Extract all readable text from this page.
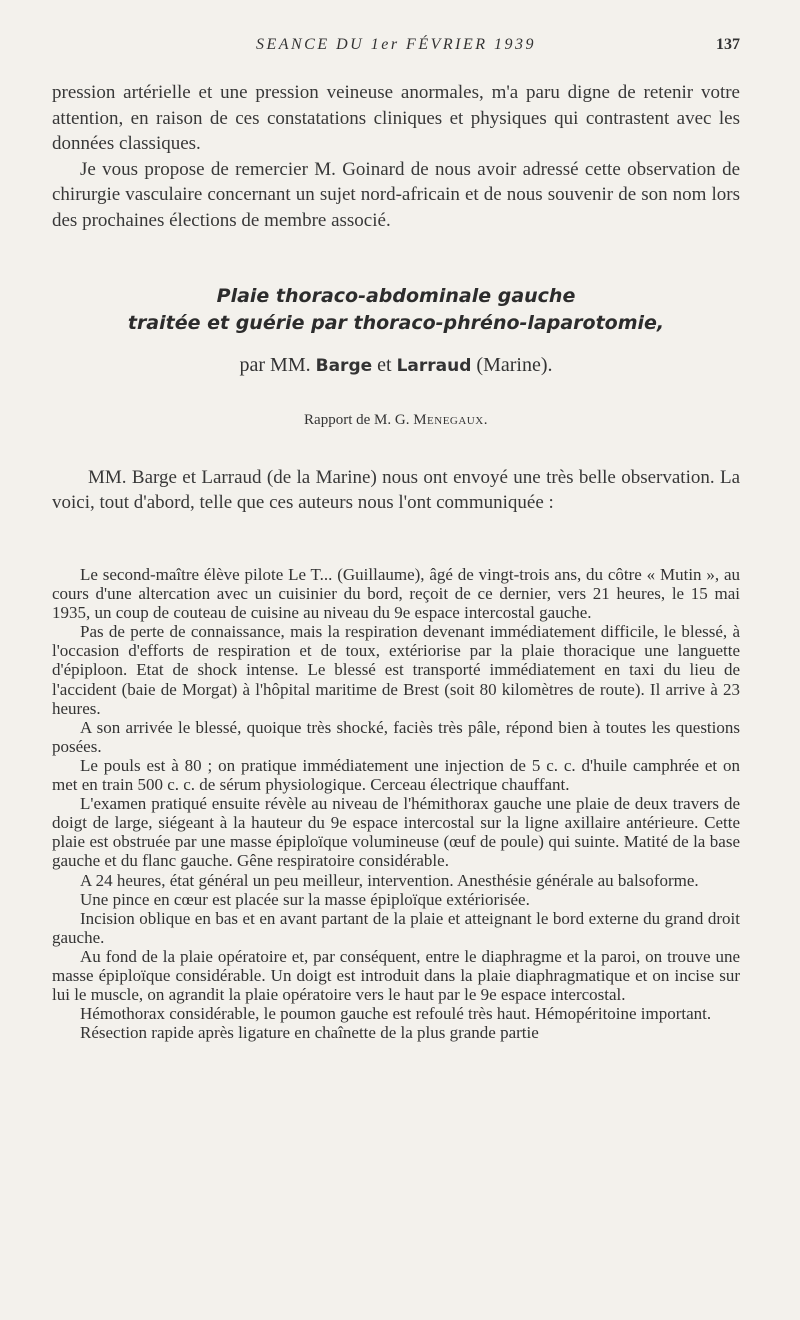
SEANCE DU 1er FÉVRIER 1939	137

pression artérielle et une pression veineuse anormales, m'a paru digne de retenir votre attention, en raison de ces constatations cliniques et physiques qui contrastent avec les données classiques.

Je vous propose de remercier M. Goinard de nous avoir adressé cette observation de chirurgie vasculaire concernant un sujet nord-africain et de nous souvenir de son nom lors des prochaines élections de membre associé.

Plaie thoraco-abdominale gauche
traitée et guérie par thoraco-phréno-laparotomie,
par MM. Barge et Larraud (Marine).
Rapport de M. G. Menegaux.

MM. Barge et Larraud (de la Marine) nous ont envoyé une très belle observation. La voici, tout d'abord, telle que ces auteurs nous l'ont communiquée :

Le second-maître élève pilote Le T... (Guillaume), âgé de vingt-trois ans, du côtre « Mutin », au cours d'une altercation avec un cuisinier du bord, reçoit de ce dernier, vers 21 heures, le 15 mai 1935, un coup de couteau de cuisine au niveau du 9e espace intercostal gauche.

Pas de perte de connaissance, mais la respiration devenant immédiatement difficile, le blessé, à l'occasion d'efforts de respiration et de toux, extériorise par la plaie thoracique une languette d'épiploon. Etat de shock intense. Le blessé est transporté immédiatement en taxi du lieu de l'accident (baie de Morgat) à l'hôpital maritime de Brest (soit 80 kilomètres de route). Il arrive à 23 heures.

A son arrivée le blessé, quoique très shocké, faciès très pâle, répond bien à toutes les questions posées.

Le pouls est à 80 ; on pratique immédiatement une injection de 5 c. c. d'huile camphrée et on met en train 500 c. c. de sérum physiologique. Cerceau électrique chauffant.

L'examen pratiqué ensuite révèle au niveau de l'hémithorax gauche une plaie de deux travers de doigt de large, siégeant à la hauteur du 9e espace intercostal sur la ligne axillaire antérieure. Cette plaie est obstruée par une masse épiploïque volumineuse (œuf de poule) qui suinte. Matité de la base gauche et du flanc gauche. Gêne respiratoire considérable.

A 24 heures, état général un peu meilleur, intervention. Anesthésie générale au balsoforme.

Une pince en cœur est placée sur la masse épiploïque extériorisée.

Incision oblique en bas et en avant partant de la plaie et atteignant le bord externe du grand droit gauche.

Au fond de la plaie opératoire et, par conséquent, entre le diaphragme et la paroi, on trouve une masse épiploïque considérable. Un doigt est introduit dans la plaie diaphragmatique et on incise sur lui le muscle, on agrandit la plaie opératoire vers le haut par le 9e espace intercostal.

Hémothorax considérable, le poumon gauche est refoulé très haut. Hémopéritoine important.

Résection rapide après ligature en chaînette de la plus grande partie
